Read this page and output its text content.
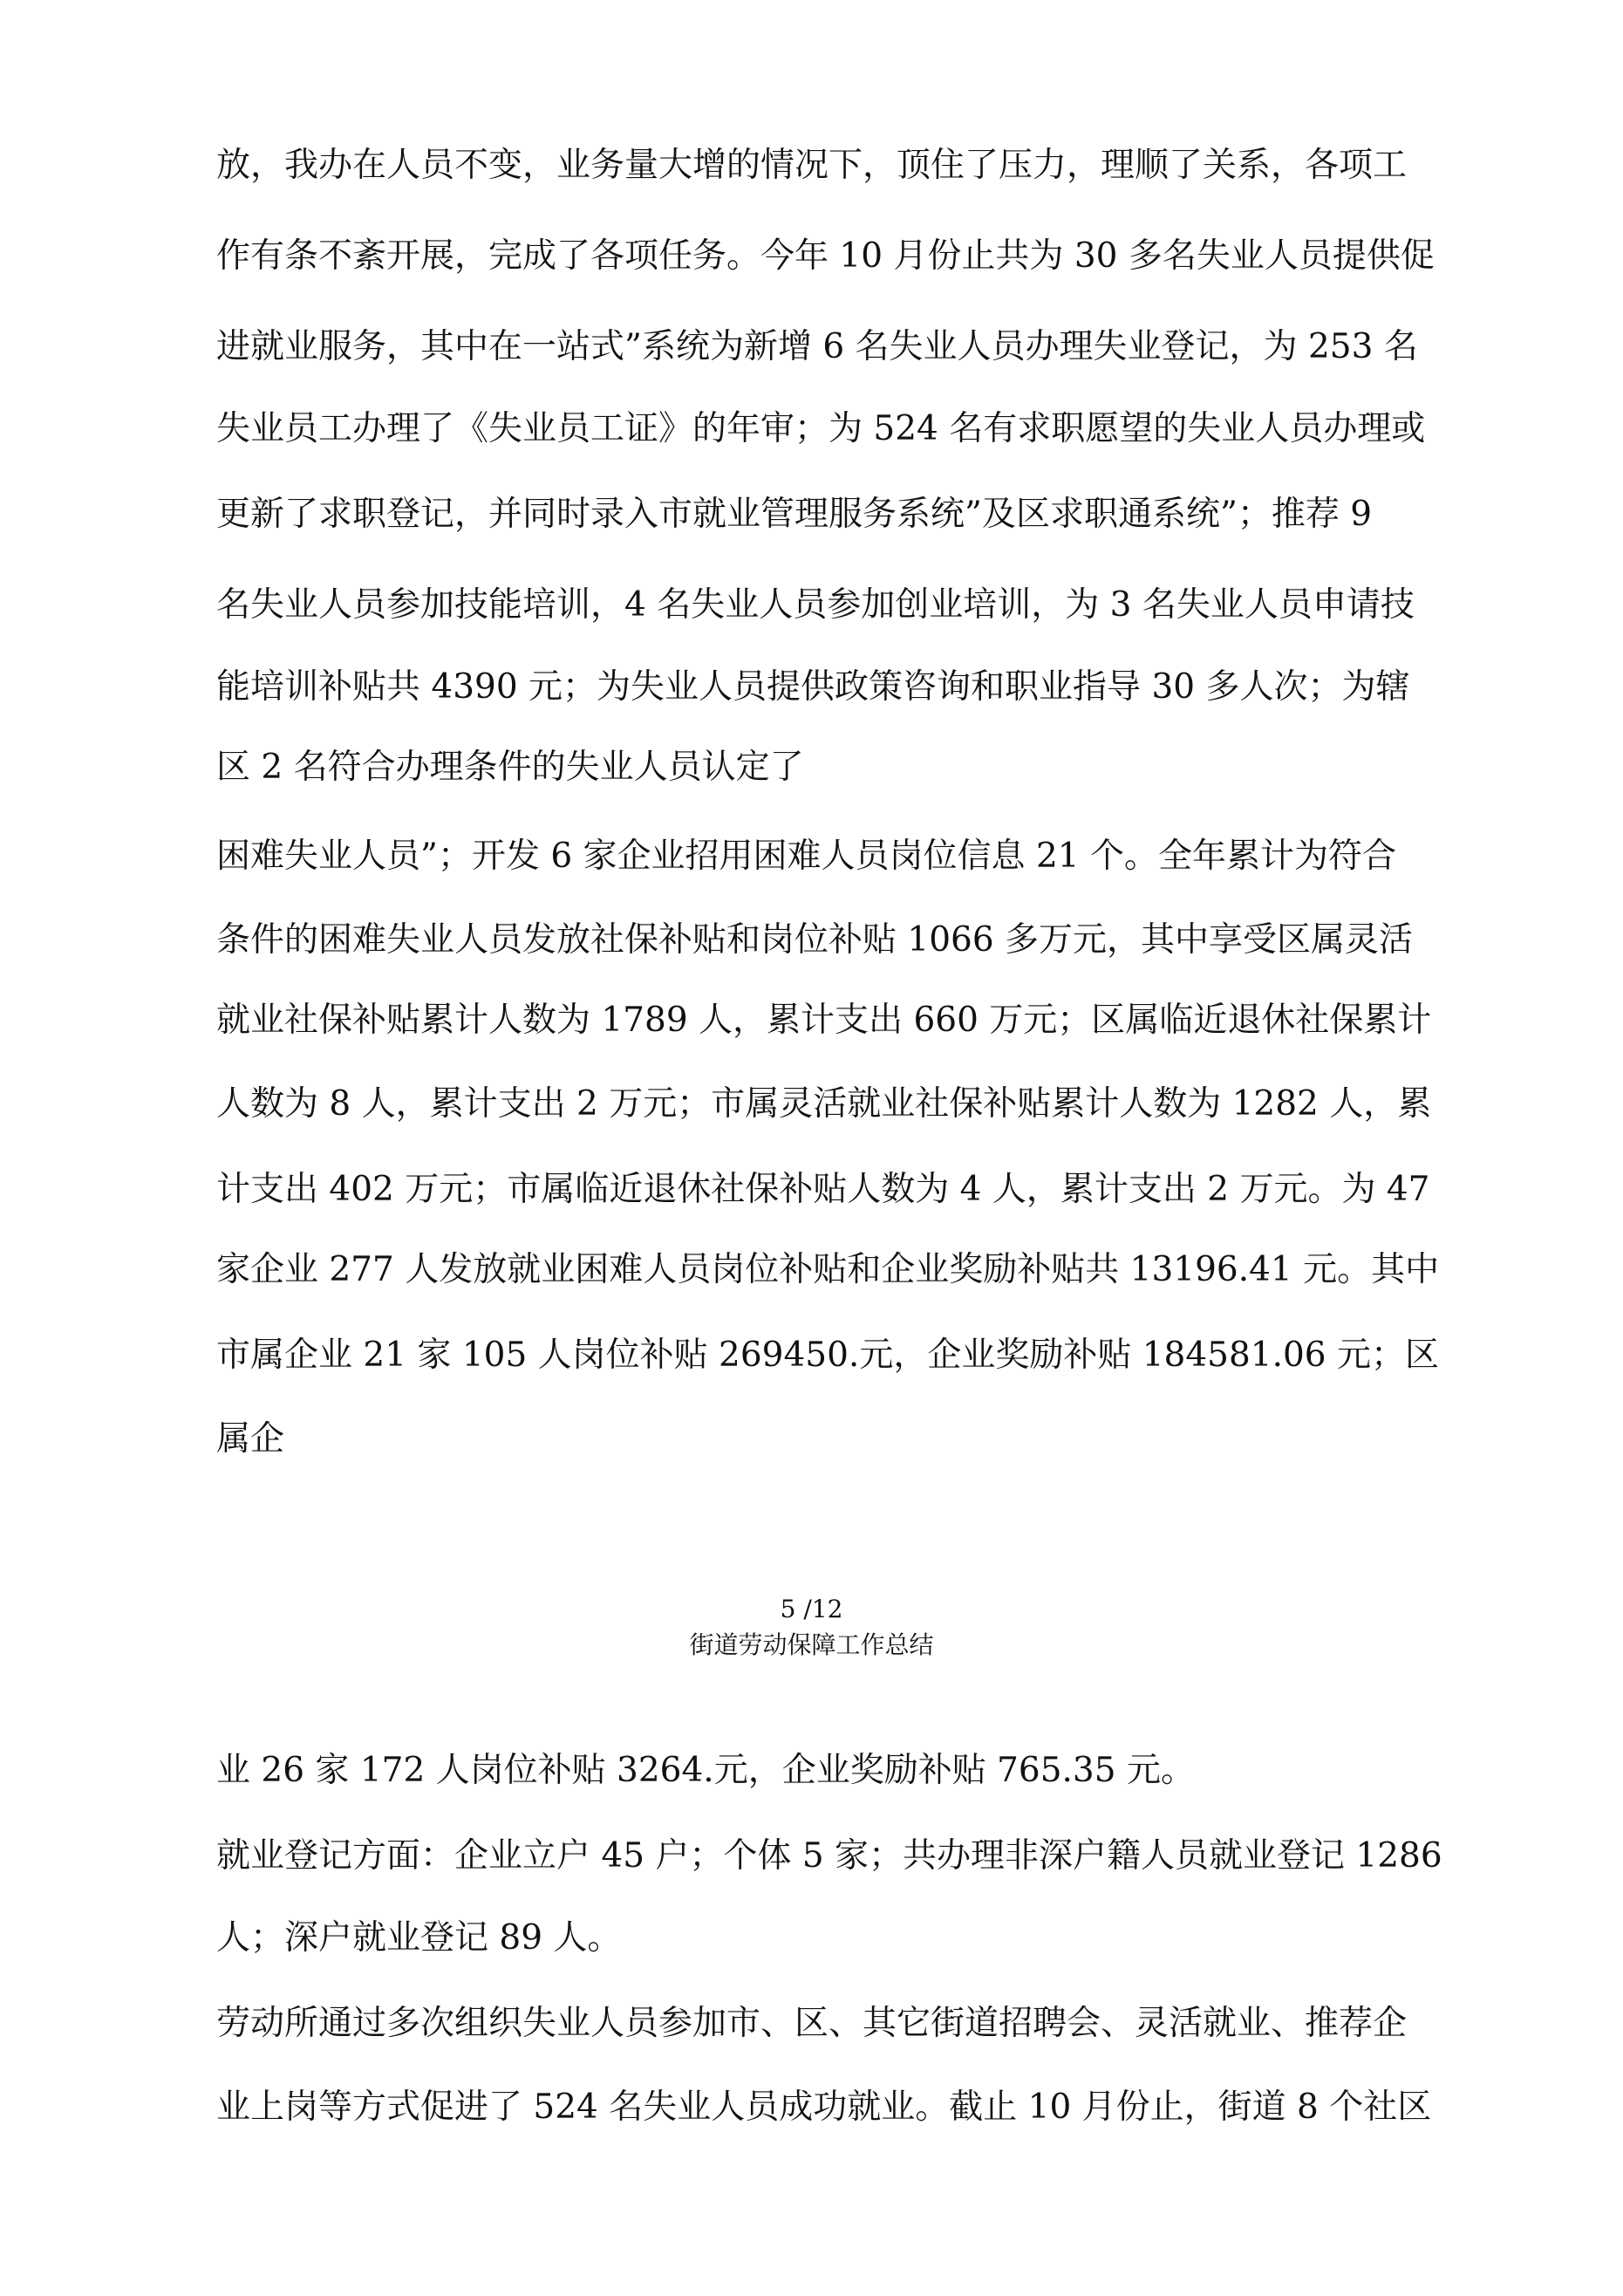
放，我办在人员不变，业务量大增的情况下，顶住了压力，理顺了关系，各项工

作有条不紊开展，完成了各项任务。今年 10 月份止共为 30 多名失业人员提供促

进就业服务，其中在一站式”系统为新增 6 名失业人员办理失业登记，为 253 名

失业员工办理了《失业员工证》的年审；为 524 名有求职愿望的失业人员办理或

更新了求职登记，并同时录入市就业管理服务系统”及区求职通系统”；推荐 9

名失业人员参加技能培训，4 名失业人员参加创业培训，为 3 名失业人员申请技

能培训补贴共 4390 元；为失业人员提供政策咨询和职业指导 30 多人次；为辖

区 2 名符合办理条件的失业人员认定了

困难失业人员”；开发 6 家企业招用困难人员岗位信息 21 个。全年累计为符合

条件的困难失业人员发放社保补贴和岗位补贴 1066 多万元，其中享受区属灵活

就业社保补贴累计人数为 1789 人，累计支出 660 万元；区属临近退休社保累计

人数为 8 人，累计支出 2 万元；市属灵活就业社保补贴累计人数为 1282 人，累

计支出 402 万元；市属临近退休社保补贴人数为 4 人，累计支出 2 万元。为 47

家企业 277 人发放就业困难人员岗位补贴和企业奖励补贴共 13196.41 元。其中

市属企业 21 家 105 人岗位补贴 269450.元，企业奖励补贴 184581.06 元；区

属企

5 /12

街道劳动保障工作总结

业 26 家 172 人岗位补贴 3264.元，企业奖励补贴 765.35 元。

就业登记方面：企业立户 45 户；个体 5 家；共办理非深户籍人员就业登记 1286

人；深户就业登记 89 人。

劳动所通过多次组织失业人员参加市、区、其它街道招聘会、灵活就业、推荐企

业上岗等方式促进了 524 名失业人员成功就业。截止 10 月份止，街道 8 个社区
